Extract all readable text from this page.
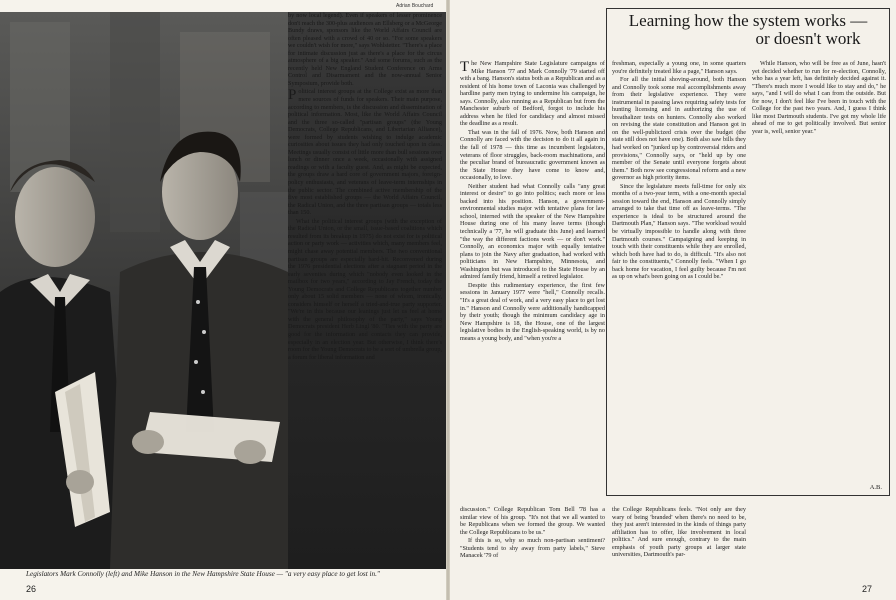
Adrian Bouchard

by now local legend). Even if speakers of lesser prominence don't reach the 300-plus audiences an Ellsberg or a McGeorge Bundy draws, sponsors like the World Affairs Council are often pleased with a crowd of 40 or so. "For some speakers we couldn't wish for more," says Wohlstetter. "There's a place for intimate discussion just as there's a place for the circus atmosphere of a big speaker." And some forums, such as the recently held New England Student Conference on Arms Control and Disarmament and the now-annual Senior Symposium, provide both.

Political interest groups at the College exist as more than mere sources of funds for speakers. Their main purpose, according to members, is the discussion and dissemination of political information. Most, like the World Affairs Council and the three so-called "partisan groups" (the Young Democrats, College Republicans, and Libertarian Alliance), were formed by students wishing to indulge academic curiosities about issues they had only touched upon in class. Meetings usually consist of little more than bull sessions over lunch or dinner once a week, occasionally with assigned readings or with a faculty guest. And, as might be expected, the groups draw a hard core of government majors, foreign-policy enthusiasts, and veterans of leave-term internships in the public sector. The combined active membership of the five most established groups — the World Affairs Council, the Radical Union, and the three partisan groups — totals less than 150.

What the political interest groups (with the exception of the Radical Union, or the small, issue-based coalitions which resulted from its breakup in 1975) do not exist for is political action or party work — activities which, many members feel, might chase away potential members. The two conventional partisan groups are especially hard-hit. Reconvened during the 1976 presidential elections after a stagnant period in the early seventies during which "nobody even looked in the mailbox for two years," according to Jay French, today the Young Democrats and College Republicans together number only about 15 solid members — none of whom, ironically, considers himself or herself a tried-and-true party supporter. "We're in this because our leanings just let us feel at home with the general philosophy of the party," says Young Democrats president Herb Lingl '80. "Ties with the party are good for the information and contacts they can provide, especially in an election year. But otherwise, I think there's room for the Young Democrats to be a sort of umbrella group, a forum for liberal information and

Legislators Mark Connolly (left) and Mike Hanson in the New Hampshire State House — "a very easy place to get lost in."
26
Learning how the system works —
or doesn't work

The New Hampshire State Legislature campaigns of Mike Hanson '77 and Mark Connolly '79 started off with a bang. Hanson's status both as a Republican and as a resident of his home town of Laconia was challenged by hardline party men trying to undermine his campaign, he says. Connolly, also running as a Republican but from the Manchester suburb of Bedford, forgot to include his address when he filed for candidacy and almost missed the deadline as a result.

That was in the fall of 1976. Now, both Hanson and Connolly are faced with the decision to do it all again in the fall of 1978 — this time as incumbent legislators, veterans of floor struggles, back-room machinations, and the peculiar brand of bureaucratic government known as the State House they have come to know and, occasionally, to love.

Neither student had what Connolly calls "any great interest or desire" to go into politics; each more or less backed into his position. Hanson, a government-environmental studies major with tentative plans for law school, interned with the speaker of the New Hampshire House during one of his many leave terms (though technically a '77, he will graduate this June) and learned "the way the different factions work — or don't work." Connolly, an economics major with equally tentative plans to join the Navy after graduation, had worked with politicians in New Hampshire, Minnesota, and Washington but was introduced to the State House by an admired family friend, himself a retired legislator.

Despite this rudimentary experience, the first few sessions in January 1977 were "hell," Connolly recalls. "It's a great deal of work, and a very easy place to get lost in." Hanson and Connolly were additionally handicapped by their youth; though the minimum candidacy age in New Hampshire is 18, the House, one of the largest legislative bodies in the English-speaking world, is by no means a young body, and "when you're a

freshman, especially a young one, in some quarters you're definitely treated like a page," Hanson says.

For all the initial shoving-around, both Hanson and Connolly took some real accomplishments away from their legislative experience. They were instrumental in passing laws requiring safety tests for hunting licensing and in authorizing the use of breathalizer tests on hunters. Connolly also worked on revising the state constitution and Hanson got in on the well-publicized crisis over the budget (the state still does not have one). Both also saw bills they had worked on "junked up by controversial riders and provisions," Connolly says, or "held up by one member of the Senate until everyone forgets about them." Both now see congressional reform and a new governor as high priority items.

Since the legislature meets full-time for only six months of a two-year term, with a one-month special session toward the end, Hanson and Connolly simply arranged to take that time off as leave-terms. "The experience is ideal to be structured around the Dartmouth Plan," Hanson says. "The workload would be virtually impossible to handle along with three Dartmouth courses." Campaigning and keeping in touch with their constituents while they are enrolled, which both have had to do, is difficult. "It's also not fair to the constituents," Connolly feels. "When I go back home for vacation, I feel guilty because I'm not as up on what's been going on as I could be."

While Hanson, who will be free as of June, hasn't yet decided whether to run for re-election, Connolly, who has a year left, has definitely decided against it. "There's much more I would like to stay and do," he says, "and I will do what I can from the outside. But for now, I don't feel like I've been in touch with the College for the past two years. And, I guess I think like most Dartmouth students. I've got my whole life ahead of me to get politically involved. But senior year is, well, senior year."

A.B.

discussion." College Republican Tom Bell '78 has a similar view of his group. "It's not that we all wanted to be Republicans when we formed the group. We wanted the College Republicans to be us."

If this is so, why so much non-partisan sentiment? "Students tend to shy away from party labels," Steve Manacek '79 of

the College Republicans feels. "Not only are they wary of being 'branded' when there's no need to be, they just aren't interested in the kinds of things party affiliation has to offer, like involvement in local politics." And sure enough, contrary to the main emphasis of youth party groups at larger state universities, Dartmouth's par-

27
